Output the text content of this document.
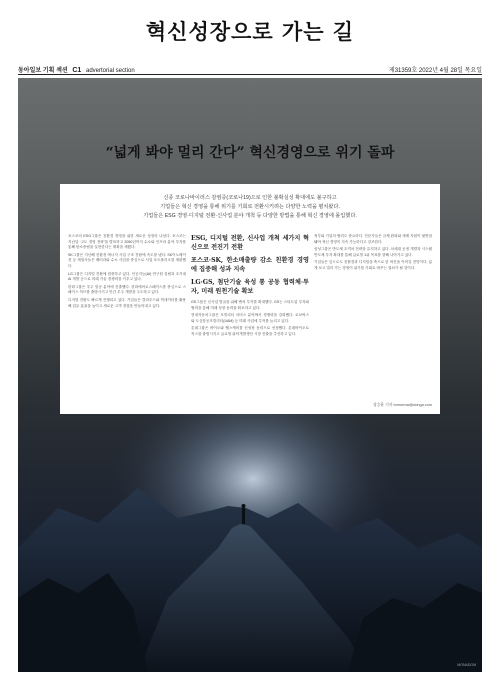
혁신성장으로 가는 길
동아일보 기획 섹션 C1 advertorial section	제31359호 2022년 4월 28일 목요일
“넓게 봐야 멀리 간다” 혁신경영으로 위기 돌파

신종 코로나바이러스 감염증(코로나19)으로 인한 불확실성 확대에도 불구하고

기업들은 혁신 경영을 통해 위기를 기회로 전환시키려는 다양한 노력을 펼치왔다.

기업들은 ESG 경영·디지털 전환·신사업 분야 개척 등 다양한 방법을 통해 혁신 경영에 몰입했다.

포스코의 ESG그룹은 친환경 경영을 위한 새로운 성장의 나섰다. 포스코는 지난달 ‘고도 경영 전략’을 발표하고 2050년까지 수소와 인프라 분야 투자를 통해 탄소중립을 실현한다는 계획을 세웠다.

SK그룹은 지난해 친환경 에너지 사업 구조 전환에 속도를 냈다. SK이노베이션 등 계열사들은 배터리와 수소 사업을 중심으로 사업 포트폴리오를 재편했다.

LG그룹은 디지털 전환에 집중하고 있다. 인공지능(AI) 연구원 설립과 초거대 AI 개발 등으로 미래 기술 경쟁력을 키우고 있다.

한화그룹은 우주 항공 분야에 진출했다. 한화에어로스페이스를 중심으로 스페이스 허브를 출범시키고 민간 우주 개발을 주도하고 있다.

디지털 전환도 빠르게 진행되고 있다. 기업들은 클라우드와 빅데이터를 활용해 업무 효율을 높이고 새로운 고객 경험을 만들어내고 있다.

ESG, 디지털 전환, 신사업 개척 세가지 혁신으로 전진기 전환
포스코·SK, 한소매출량 감소 친환경 경영에 집중해 성과 지속
LG·GS, 첨단기술 육성 통 공동 협력체·투자, 미래 원천기술 확보

GS그룹은 신사업 발굴을 위해 벤처 투자를 확대했다. GS는 스타트업 투자와 협력을 통해 미래 성장 동력을 확보하고 있다.

현대자동차그룹은 모빌리티 서비스 분야에서 경쟁력을 강화했다. 로보틱스와 도심항공모빌리티(UAM) 등 미래 사업에 투자를 늘리고 있다.

롯데그룹은 바이오와 헬스케어를 신성장 동력으로 선정했다. 롯데바이오로직스를 출범시키고 글로벌 위탁개발생산 시장 진출을 추진하고 있다.

정부와 기업의 협력도 중요하다. 전문가들은 규제 완화와 세제 지원이 뒷받침돼야 혁신 경영이 지속 가능하다고 강조한다.

삼성그룹은 반도체 초격차 전략을 유지하고 있다. 차세대 공정 개발과 시스템반도체 투자 확대를 통해 글로벌 1위 목표를 향해 나아가고 있다.

기업들은 앞으로도 친환경과 디지털을 축으로 한 혁신을 이어갈 전망이다. 넓게 보고 멀리 가는 경영이 위기를 기회로 바꾸는 열쇠가 될 것이다.

장승윤 기자 tomorrow@donga.com
MONADOM
